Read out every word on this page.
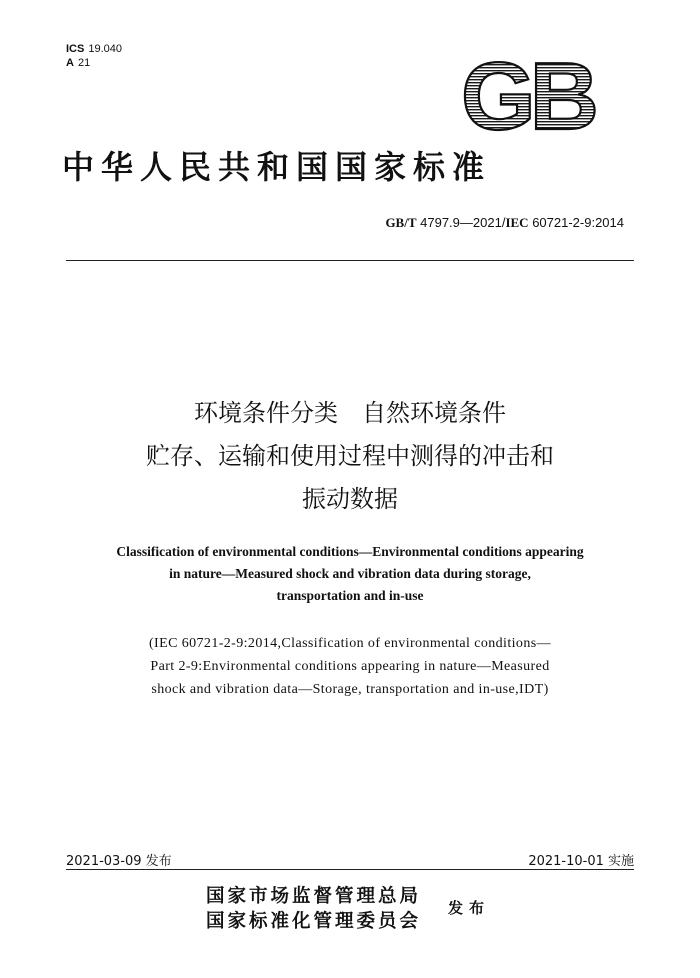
ICS 19.040
A 21	GB
中华人民共和国国家标准
GB/T 4797.9—2021/IEC 60721-2-9:2014
环境条件分类　自然环境条件
贮存、运输和使用过程中测得的冲击和
振动数据
Classification of environmental conditions—Environmental conditions appearing
in nature—Measured shock and vibration data during storage,
transportation and in-use
(IEC 60721-2-9:2014,Classification of environmental conditions—
Part 2-9:Environmental conditions appearing in nature—Measured
shock and vibration data—Storage, transportation and in-use,IDT)
2021-03-09 发布	2021-10-01 实施
国家市场监督管理总局
国家标准化管理委员会
发布
